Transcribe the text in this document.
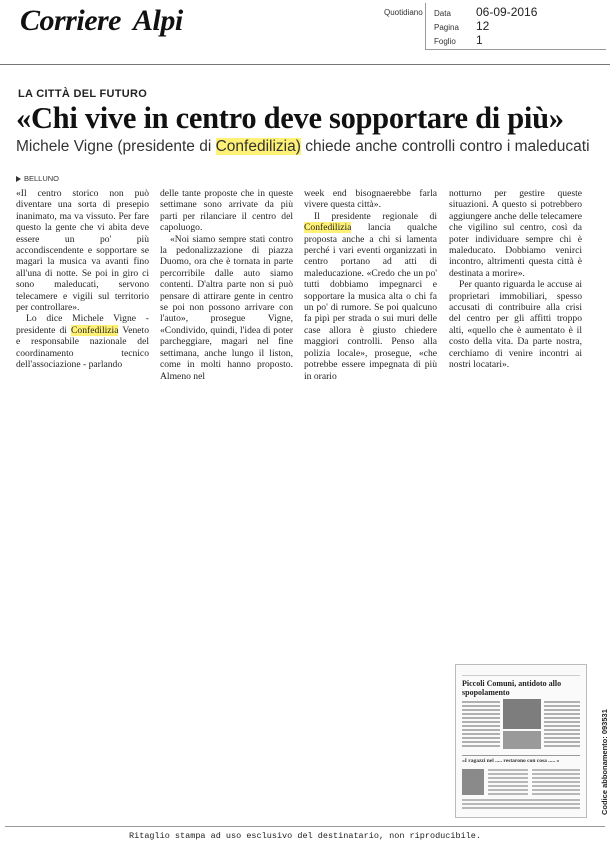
Corriere Alpi	Quotidiano Data 06-09-2016
Pagina 12
Foglio 1
LA CITTÀ DEL FUTURO
«Chi vive in centro deve sopportare di più»
Michele Vigne (presidente di Confedilizia) chiede anche controlli contro i maleducati
BELLUNO

«Il centro storico non può diventare una sorta di presepio inanimato, ma va vissuto. Per fare questo la gente che vi abita deve essere un po' più accondiscendente e sopportare se magari la musica va avanti fino all'una di notte. Se poi in giro ci sono maleducati, servono telecamere e vigili sul territorio per controllare».

Lo dice Michele Vigne - presidente di Confedilizia Veneto e responsabile nazionale del coordinamento tecnico dell'associazione - parlando

delle tante proposte che in queste settimane sono arrivate da più parti per rilanciare il centro del capoluogo.

«Noi siamo sempre stati contro la pedonalizzazione di piazza Duomo, ora che è tornata in parte percorribile dalle auto siamo contenti. D'altra parte non si può pensare di attirare gente in centro se poi non possono arrivare con l'auto», prosegue Vigne, «Condivido, quindi, l'idea di poter parcheggiare, magari nel fine settimana, anche lungo il liston, come in molti hanno proposto. Almeno nel

week end bisognaerebbe farla vivere questa città».

Il presidente regionale di Confedilizia lancia qualche proposta anche a chi si lamenta perché i vari eventi organizzati in centro portano ad atti di maleducazione. «Credo che un po' tutti dobbiamo impegnarci e sopportare la musica alta o chi fa un po' di rumore. Se poi qualcuno fa pipì per strada o sui muri delle case allora è giusto chiedere maggiori controlli. Penso alla polizia locale», prosegue, «che potrebbe essere impegnata di più in orario

notturno per gestire queste situazioni. A questo si potrebbero aggiungere anche delle telecamere che vigilino sul centro, così da poter individuare sempre chi è maleducato. Dobbiamo venirci incontro, altrimenti questa città è destinata a morire».

Per quanto riguarda le accuse ai proprietari immobiliari, spesso accusati di contribuire alla crisi del centro per gli affitti troppo alti, «quello che è aumentato è il costo della vita. Da parte nostra, cerchiamo di venire incontri ai nostri locatari».

Piccoli Comuni, antidoto allo spopolamento
«I ragazzi nel ..... restarono con cosa ..... »	Codice abbonamento: 093531
Ritaglio stampa ad uso esclusivo del destinatario, non riproducibile.
